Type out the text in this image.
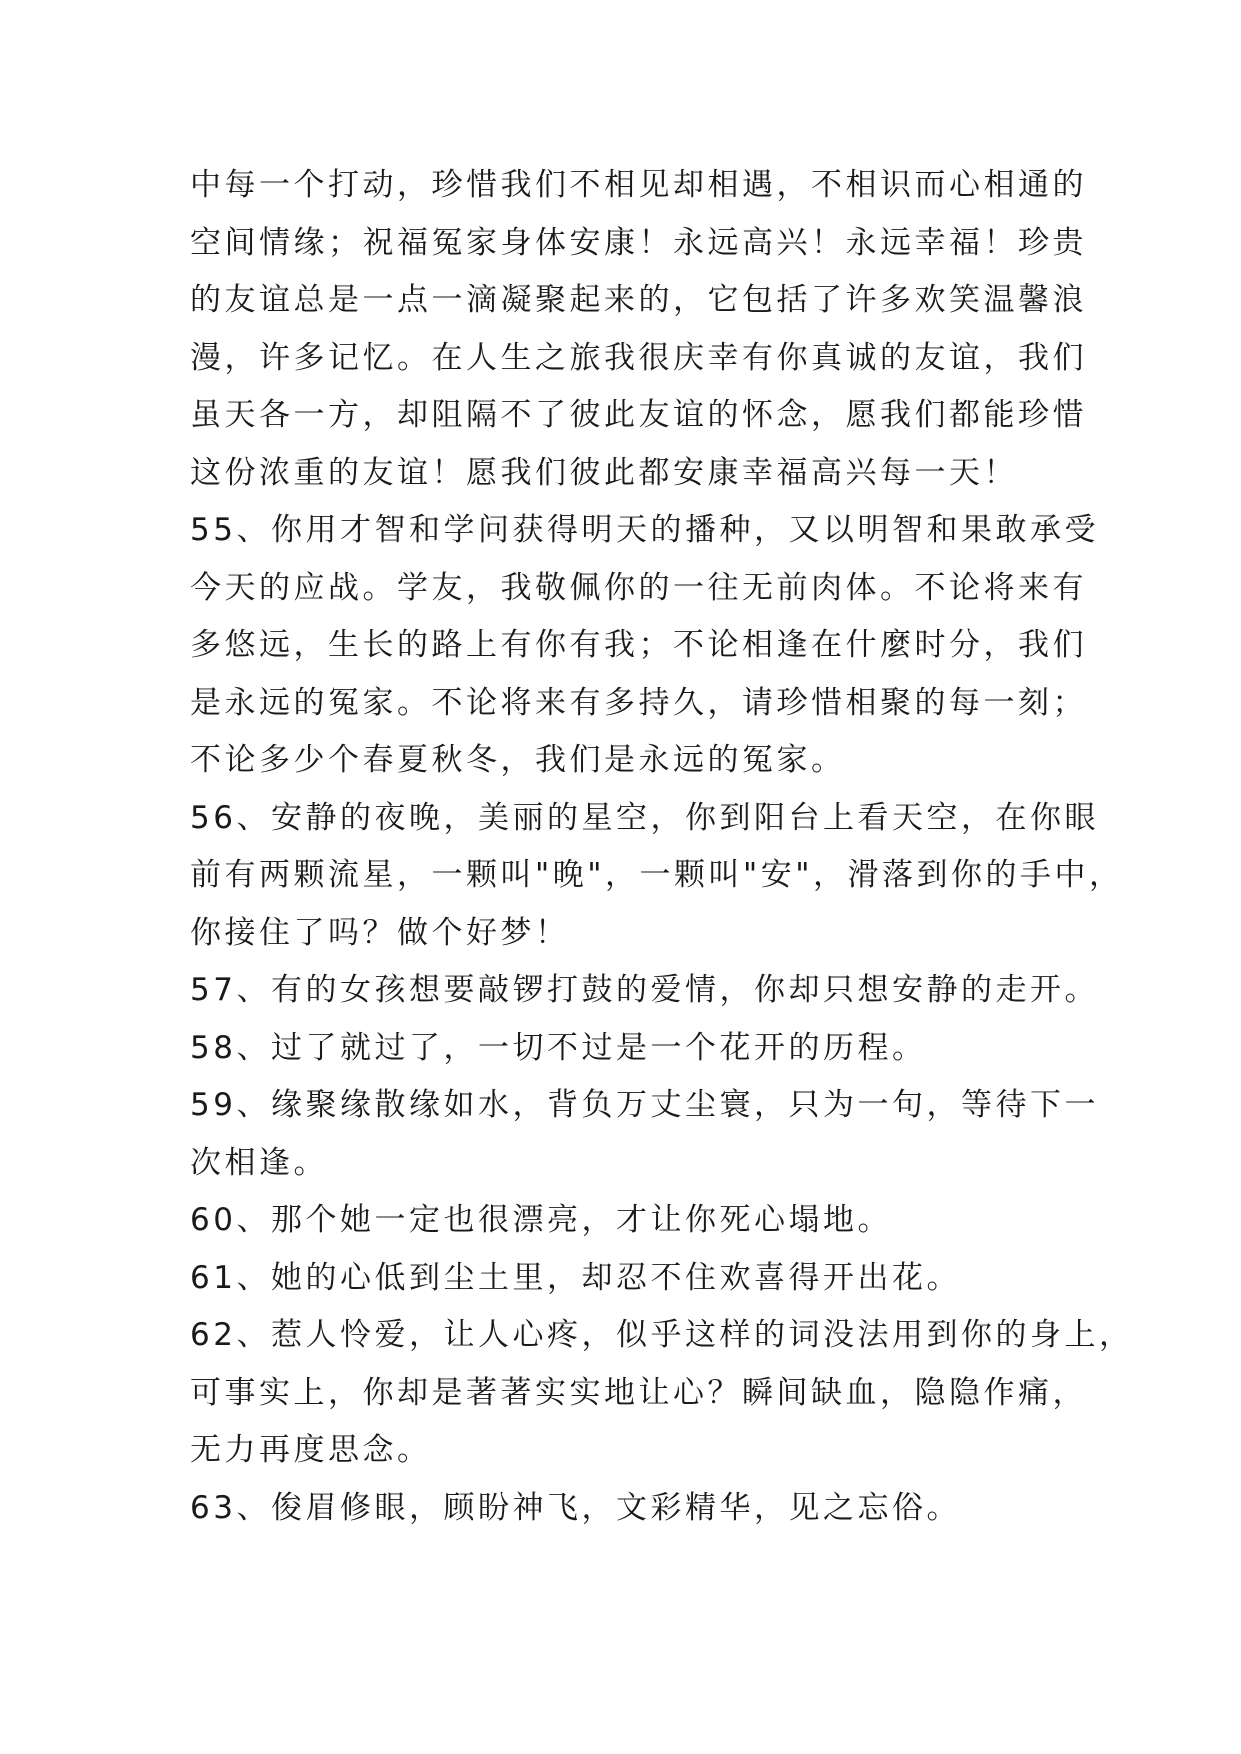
中每一个打动，珍惜我们不相见却相遇，不相识而心相通的
空间情缘；祝福冤家身体安康！永远高兴！永远幸福！珍贵
的友谊总是一点一滴凝聚起来的，它包括了许多欢笑温馨浪
漫，许多记忆。在人生之旅我很庆幸有你真诚的友谊，我们
虽天各一方，却阻隔不了彼此友谊的怀念，愿我们都能珍惜
这份浓重的友谊！愿我们彼此都安康幸福高兴每一天！
55、你用才智和学问获得明天的播种，又以明智和果敢承受
今天的应战。学友，我敬佩你的一往无前肉体。不论将来有
多悠远，生长的路上有你有我；不论相逢在什麼时分，我们
是永远的冤家。不论将来有多持久，请珍惜相聚的每一刻；
不论多少个春夏秋冬，我们是永远的冤家。
56、安静的夜晚，美丽的星空，你到阳台上看天空，在你眼
前有两颗流星，一颗叫"晚"，一颗叫"安"，滑落到你的手中，
你接住了吗？做个好梦！
57、有的女孩想要敲锣打鼓的爱情，你却只想安静的走开。
58、过了就过了，一切不过是一个花开的历程。
59、缘聚缘散缘如水，背负万丈尘寰，只为一句，等待下一
次相逢。
60、那个她一定也很漂亮，才让你死心塌地。
61、她的心低到尘土里，却忍不住欢喜得开出花。
62、惹人怜爱，让人心疼，似乎这样的词没法用到你的身上，
可事实上，你却是著著实实地让心？瞬间缺血，隐隐作痛，
无力再度思念。
63、俊眉修眼，顾盼神飞，文彩精华，见之忘俗。
